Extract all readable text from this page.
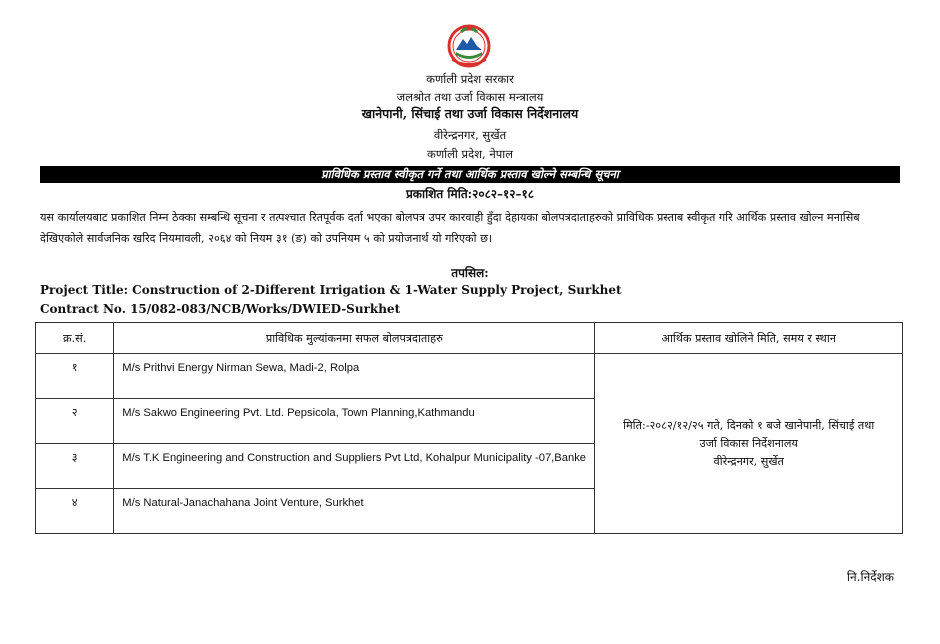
कर्णाली प्रदेश सरकार
जलश्रोत तथा उर्जा विकास मन्त्रालय
खानेपानी, सिंचाई तथा उर्जा विकास निर्देशनालय
वीरेन्द्रनगर, सुर्खेत
कर्णाली प्रदेश, नेपाल
प्राविधिक प्रस्ताव स्वीकृत गर्ने तथा आर्थिक प्रस्ताव खोल्ने सम्बन्धि सूचना
प्रकाशित मिति:२०८२–१२–१८
यस कार्यालयबाट प्रकाशित निम्न ठेक्का सम्बन्धि सूचना र तत्पश्चात रितपूर्वक दर्ता भएका बोलपत्र उपर कारवाही हुँदा देहायका बोलपत्रदाताहरुको प्राविधिक प्रस्ताब स्वीकृत गरि आर्थिक प्रस्ताव खोल्न मनासिब देखिएकोले सार्वजनिक खरिद नियमावली, २०६४ को नियम ३१ (ङ) को उपनियम ५ को प्रयोजनार्थ यो गरिएको छ।
तपसिल:
Project Title: Construction of 2-Different Irrigation & 1-Water Supply Project, Surkhet
Contract No. 15/082-083/NCB/Works/DWIED-Surkhet
क्र.सं.	प्राविधिक मुल्यांकनमा सफल बोलपत्रदाताहरु	आर्थिक प्रस्ताव खोलिने मिति, समय र स्थान
१	M/s Prithvi Energy Nirman Sewa, Madi-2, Rolpa	मिति:-२०८२/१२/२५ गते, दिनको १ बजे खानेपानी, सिंचाई तथा
उर्जा विकास निर्देशनालय
वीरेन्द्रनगर, सुर्खेत

२	M/s Sakwo Engineering Pvt. Ltd. Pepsicola, Town Planning,Kathmandu	
३	M/s T.K Engineering and Construction and Suppliers Pvt Ltd, Kohalpur Municipality -07,Banke	
४	M/s Natural-Janachahana Joint Venture, Surkhet	
नि.निर्देशक
